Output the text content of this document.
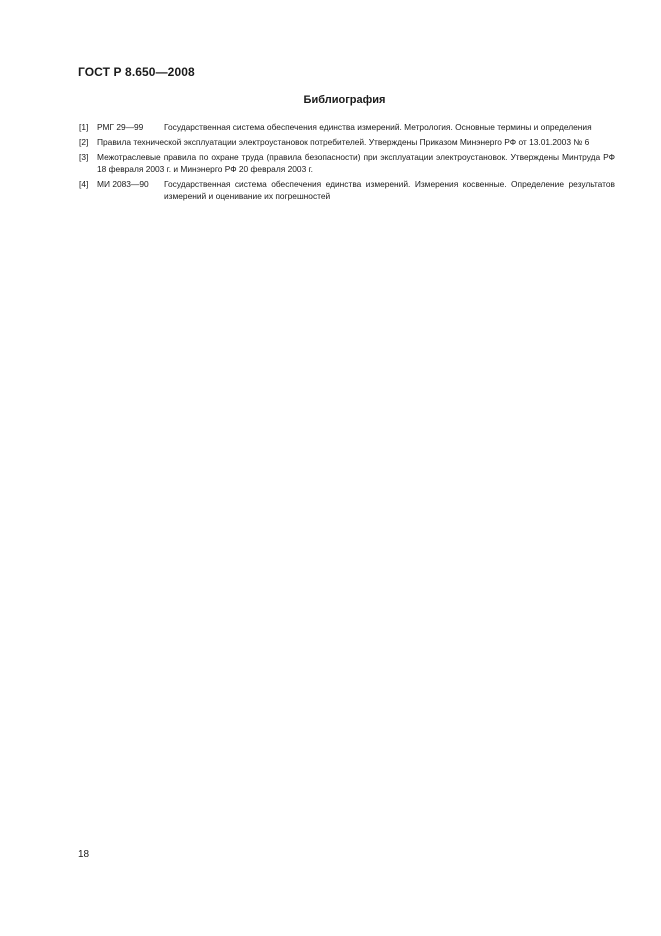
ГОСТ Р 8.650—2008
Библиография
[1]	РМГ 29—99	Государственная система обеспечения единства измерений. Метрология. Основные термины и определения
[2]	Правила технической эксплуатации электроустановок потребителей. Утверждены Приказом Минэнерго РФ от 13.01.2003 № 6
[3]	Межотраслевые правила по охране труда (правила безопасности) при эксплуатации электроустановок. Утверждены Минтруда РФ 18 февраля 2003 г. и Минэнерго РФ 20 февраля 2003 г.
[4]	МИ 2083—90	Государственная система обеспечения единства измерений. Измерения косвенные. Определение результатов измерений и оценивание их погрешностей
18
